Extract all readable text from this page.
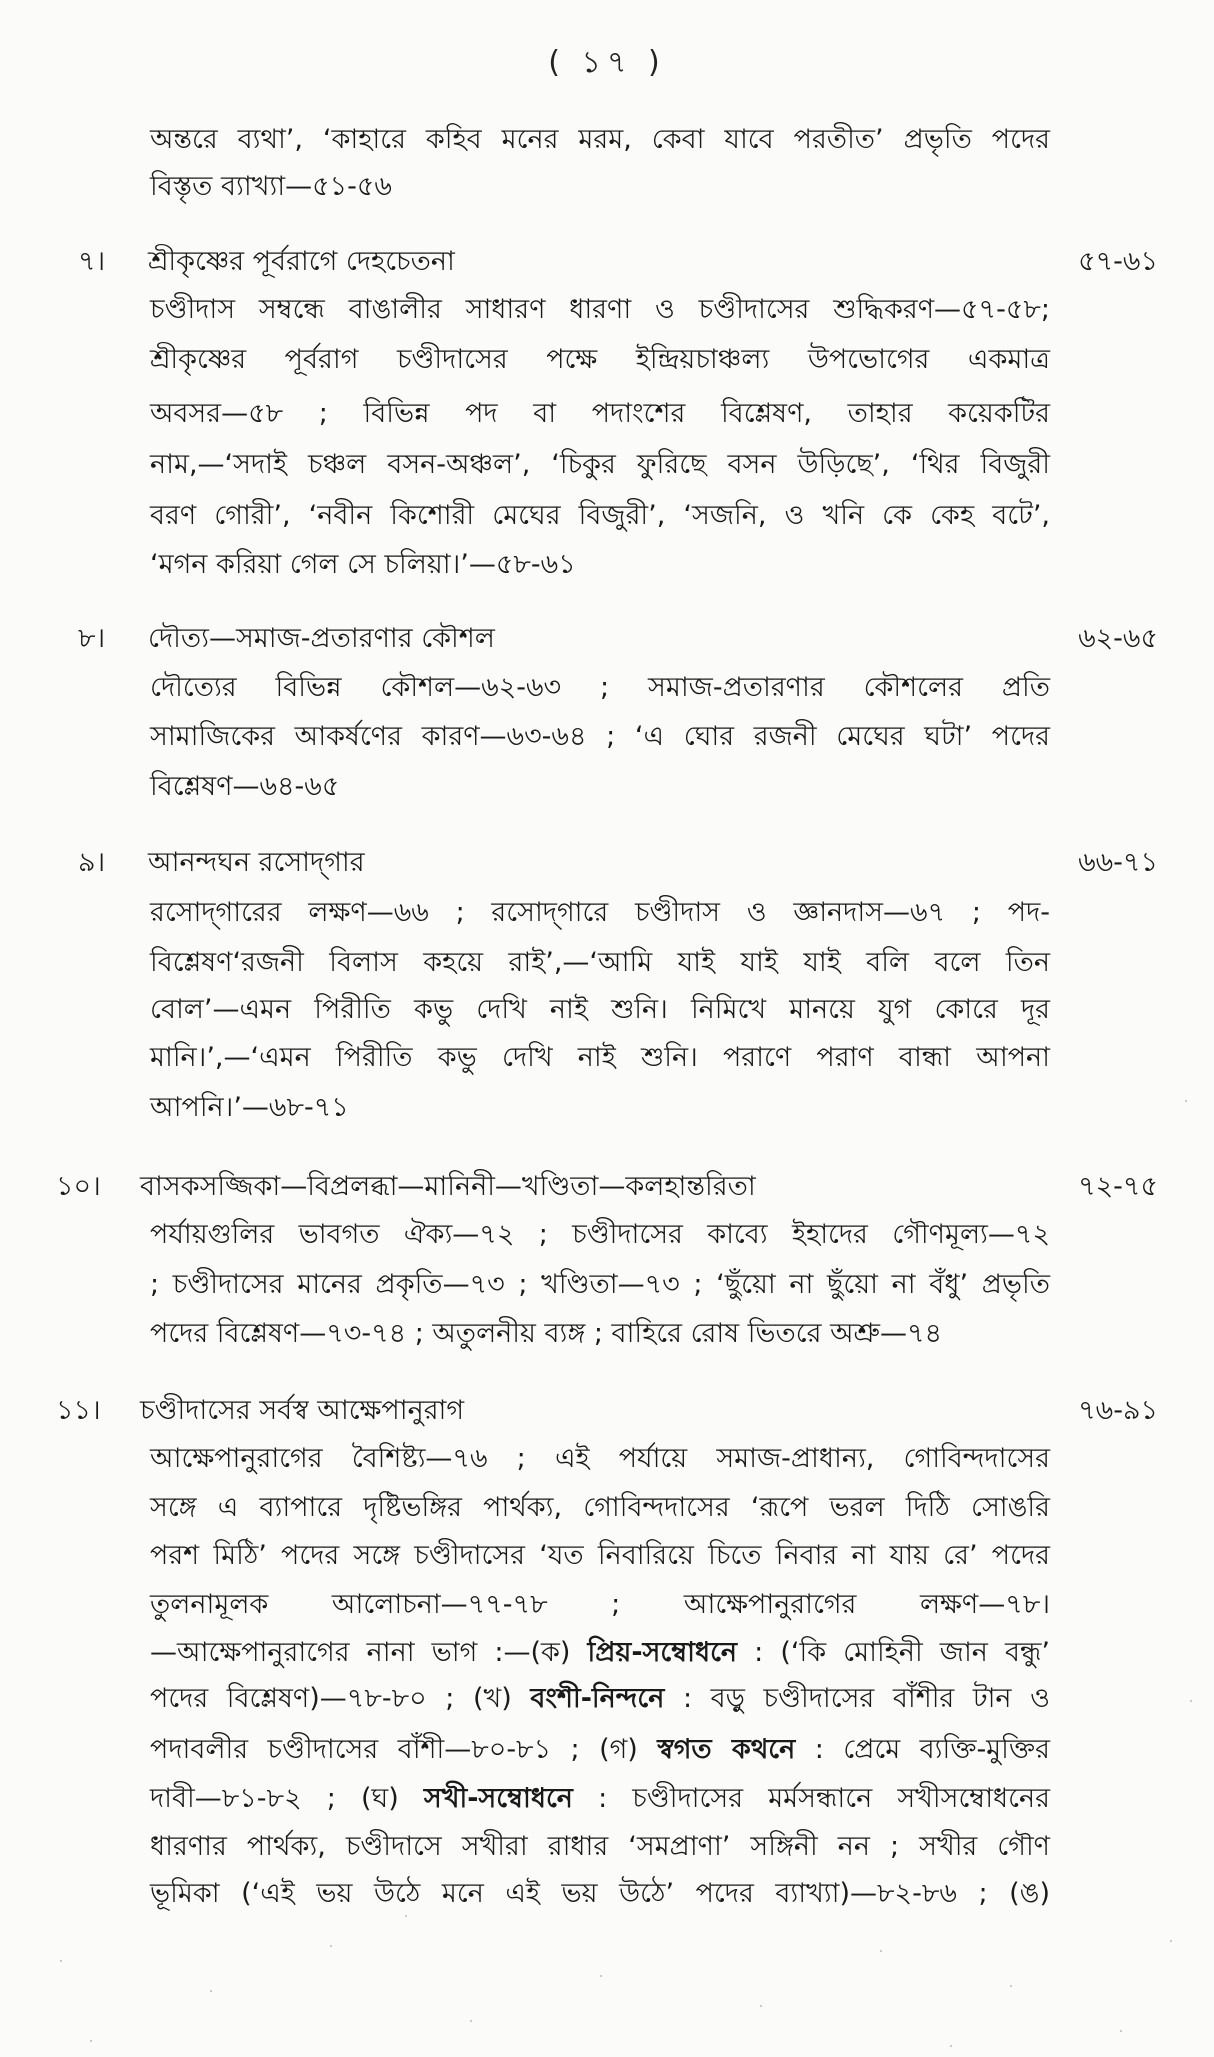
( ১৭ )
অন্তরে ব্যথা’, ‘কাহারে কহিব মনের মরম, কেবা যাবে পরতীত’ প্রভৃতি পদের
বিস্তৃত ব্যাখ্যা—৫১-৫৬
৭। শ্রীকৃষ্ণের পূর্বরাগে দেহচেতনা	৫৭-৬১
চণ্ডীদাস সম্বন্ধে বাঙালীর সাধারণ ধারণা ও চণ্ডীদাসের শুদ্ধিকরণ—৫৭-৫৮;
শ্রীকৃষ্ণের পূর্বরাগ চণ্ডীদাসের পক্ষে ইন্দ্রিয়চাঞ্চল্য উপভোগের একমাত্র
অবসর—৫৮ ; বিভিন্ন পদ বা পদাংশের বিশ্লেষণ, তাহার কয়েকটির
নাম,—‘সদাই চঞ্চল বসন-অঞ্চল’, ‘চিকুর ফুরিছে বসন উড়িছে’, ‘থির বিজুরী
বরণ গোরী’, ‘নবীন কিশোরী মেঘের বিজুরী’, ‘সজনি, ও খনি কে কেহ বটে’,
‘মগন করিয়া গেল সে চলিয়া।’—৫৮-৬১
৮। দৌত্য—সমাজ-প্রতারণার কৌশল	৬২-৬৫
দৌত্যের বিভিন্ন কৌশল—৬২-৬৩ ; সমাজ-প্রতারণার কৌশলের প্রতি
সামাজিকের আকর্ষণের কারণ—৬৩-৬৪ ; ‘এ ঘোর রজনী মেঘের ঘটা’ পদের
বিশ্লেষণ—৬৪-৬৫
৯। আনন্দঘন রসোদ্‌গার	৬৬-৭১
রসোদ্‌গারের লক্ষণ—৬৬ ; রসোদ্‌গারে চণ্ডীদাস ও জ্ঞানদাস—৬৭ ; পদ-
বিশ্লেষণ‘রজনী বিলাস কহয়ে রাই’,—‘আমি যাই যাই যাই বলি বলে তিন
বোল’—এমন পিরীতি কভু দেখি নাই শুনি। নিমিখে মানয়ে যুগ কোরে দূর
মানি।’,—‘এমন পিরীতি কভু দেখি নাই শুনি। পরাণে পরাণ বান্ধা আপনা
আপনি।’—৬৮-৭১
১০। বাসকসজ্জিকা—বিপ্রলব্ধা—মানিনী—খণ্ডিতা—কলহান্তরিতা	৭২-৭৫
পর্যায়গুলির ভাবগত ঐক্য—৭২ ; চণ্ডীদাসের কাব্যে ইহাদের গৌণমূল্য—৭২
; চণ্ডীদাসের মানের প্রকৃতি—৭৩ ; খণ্ডিতা—৭৩ ; ‘ছুঁয়ো না ছুঁয়ো না বঁধু’ প্রভৃতি
পদের বিশ্লেষণ—৭৩-৭৪ ; অতুলনীয় ব্যঙ্গ ; বাহিরে রোষ ভিতরে অশ্রু—৭৪
১১। চণ্ডীদাসের সর্বস্ব আক্ষেপানুরাগ	৭৬-৯১
আক্ষেপানুরাগের বৈশিষ্ট্য—৭৬ ; এই পর্যায়ে সমাজ-প্রাধান্য, গোবিন্দদাসের
সঙ্গে এ ব্যাপারে দৃষ্টিভঙ্গির পার্থক্য, গোবিন্দদাসের ‘রূপে ভরল দিঠি সোঙরি
পরশ মিঠি’ পদের সঙ্গে চণ্ডীদাসের ‘যত নিবারিয়ে চিতে নিবার না যায় রে’ পদের
তুলনামূলক আলোচনা—৭৭-৭৮ ; আক্ষেপানুরাগের লক্ষণ—৭৮।
—আক্ষেপানুরাগের নানা ভাগ :—(ক) প্রিয়-সম্বোধনে : (‘কি মোহিনী জান বন্ধু’
পদের বিশ্লেষণ)—৭৮-৮০ ; (খ) বংশী-নিন্দনে : বড়ু চণ্ডীদাসের বাঁশীর টান ও
পদাবলীর চণ্ডীদাসের বাঁশী—৮০-৮১ ; (গ) স্বগত কথনে : প্রেমে ব্যক্তি-মুক্তির
দাবী—৮১-৮২ ; (ঘ) সখী-সম্বোধনে : চণ্ডীদাসের মর্মসন্ধানে সখীসম্বোধনের
ধারণার পার্থক্য, চণ্ডীদাসে সখীরা রাধার ‘সমপ্রাণা’ সঙ্গিনী নন ; সখীর গৌণ
ভূমিকা (‘এই ভয় উঠে মনে এই ভয় উঠে’ পদের ব্যাখ্যা)—৮২-৮৬ ; (ঙ)
